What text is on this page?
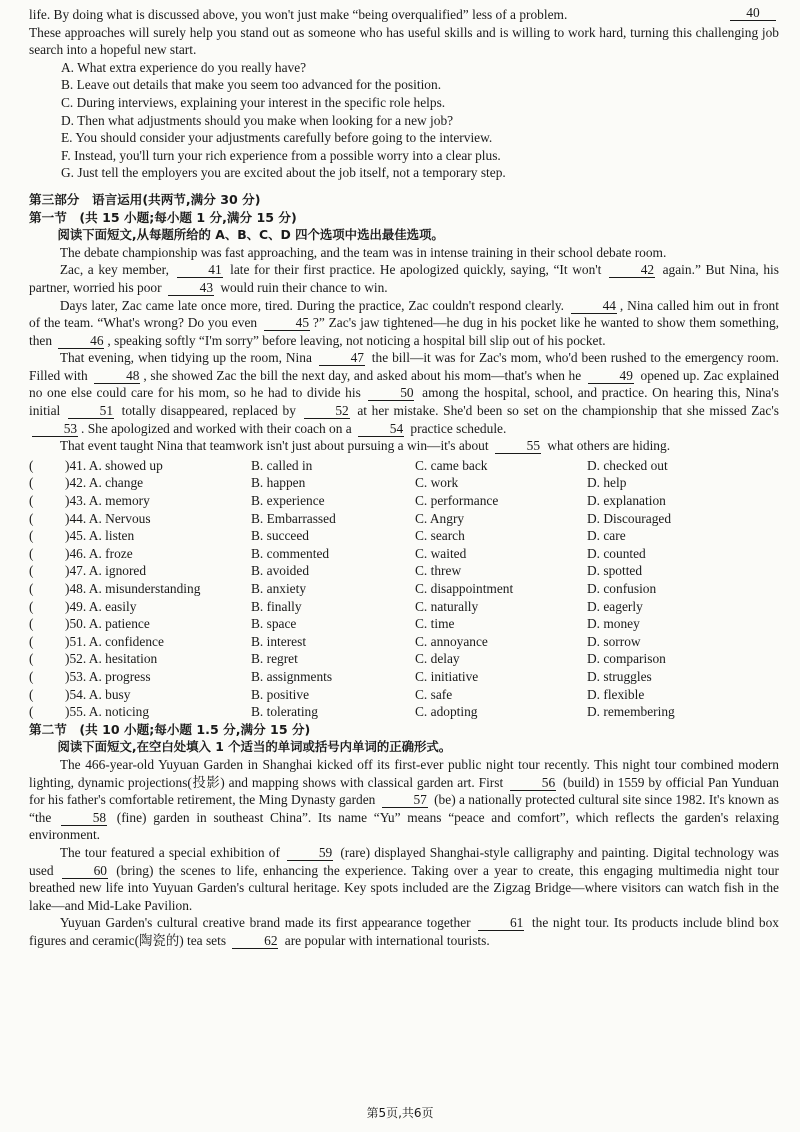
life. By doing what is discussed above, you won't just make “being overqualified” less of a problem.	40

These approaches will surely help you stand out as someone who has useful skills and is willing to work hard, turning this challenging job search into a hopeful new start.

A. What extra experience do you really have?

B. Leave out details that make you seem too advanced for the position.

C. During interviews, explaining your interest in the specific role helps.

D. Then what adjustments should you make when looking for a new job?

E. You should consider your adjustments carefully before going to the interview.

F. Instead, you'll turn your rich experience from a possible worry into a clear plus.

G. Just tell the employers you are excited about the job itself, not a temporary step.

第三部分　语言运用(共两节,满分 30 分)

第一节　(共 15 小题;每小题 1 分,满分 15 分)

阅读下面短文,从每题所给的 A、B、C、D 四个选项中选出最佳选项。

The debate championship was fast approaching, and the team was in intense training in their school debate room.

Zac, a key member,	41 late for their first practice. He apologized quickly, saying, “It won't	42 again.” But Nina, his partner, worried his poor	43 would ruin their chance to win.

Days later, Zac came late once more, tired. During the practice, Zac couldn't respond clearly.	44 , Nina called him out in front of the team. “What's wrong? Do you even	45 ?” Zac's jaw tightened—he dug in his pocket like he wanted to show them something, then	46 , speaking softly “I'm sorry” before leaving, not noticing a hospital bill slip out of his pocket.

That evening, when tidying up the room, Nina	47 the bill—it was for Zac's mom, who'd been rushed to the emergency room. Filled with	48 , she showed Zac the bill the next day, and asked about his mom—that's when he	49 opened up. Zac explained no one else could care for his mom, so he had to divide his	50 among the hospital, school, and practice. On hearing this, Nina's initial	51 totally disappeared, replaced by	52 at her mistake. She'd been so set on the championship that she missed Zac's 53 . She apologized and worked with their coach on a	54 practice schedule.

That event taught Nina that teamwork isn't just about pursuing a win—it's about	55 what others are hiding.

( )41. A. showed up	B. called in	C. came back	D. checked out
( )42. A. change	B. happen	C. work	D. help
( )43. A. memory	B. experience	C. performance	D. explanation
( )44. A. Nervous	B. Embarrassed	C. Angry	D. Discouraged
( )45. A. listen	B. succeed	C. search	D. care
( )46. A. froze	B. commented	C. waited	D. counted
( )47. A. ignored	B. avoided	C. threw	D. spotted
( )48. A. misunderstanding	B. anxiety	C. disappointment	D. confusion
( )49. A. easily	B. finally	C. naturally	D. eagerly
( )50. A. patience	B. space	C. time	D. money
( )51. A. confidence	B. interest	C. annoyance	D. sorrow
( )52. A. hesitation	B. regret	C. delay	D. comparison
( )53. A. progress	B. assignments	C. initiative	D. struggles
( )54. A. busy	B. positive	C. safe	D. flexible
( )55. A. noticing	B. tolerating	C. adopting	D. remembering

第二节　(共 10 小题;每小题 1.5 分,满分 15 分)

阅读下面短文,在空白处填入 1 个适当的单词或括号内单词的正确形式。

The 466-year-old Yuyuan Garden in Shanghai kicked off its first-ever public night tour recently. This night tour combined modern lighting, dynamic projections(投影) and mapping shows with classical garden art. First	56 (build) in 1559 by official Pan Yunduan for his father's comfortable retirement, the Ming Dynasty garden	57 (be) a nationally protected cultural site since 1982. It's known as “the	58 (fine) garden in southeast China”. Its name “Yu” means “peace and comfort”, which reflects the garden's relaxing environment.

The tour featured a special exhibition of	59 (rare) displayed Shanghai-style calligraphy and painting. Digital technology was used	60 (bring) the scenes to life, enhancing the experience. Taking over a year to create, this engaging multimedia night tour breathed new life into Yuyuan Garden's cultural heritage. Key spots included are the Zigzag Bridge—where visitors can watch fish in the lake—and Mid-Lake Pavilion.

Yuyuan Garden's cultural creative brand made its first appearance together	61 the night tour. Its products include blind box figures and ceramic(陶瓷的) tea sets	62 are popular with international tourists.

第5页,共6页
